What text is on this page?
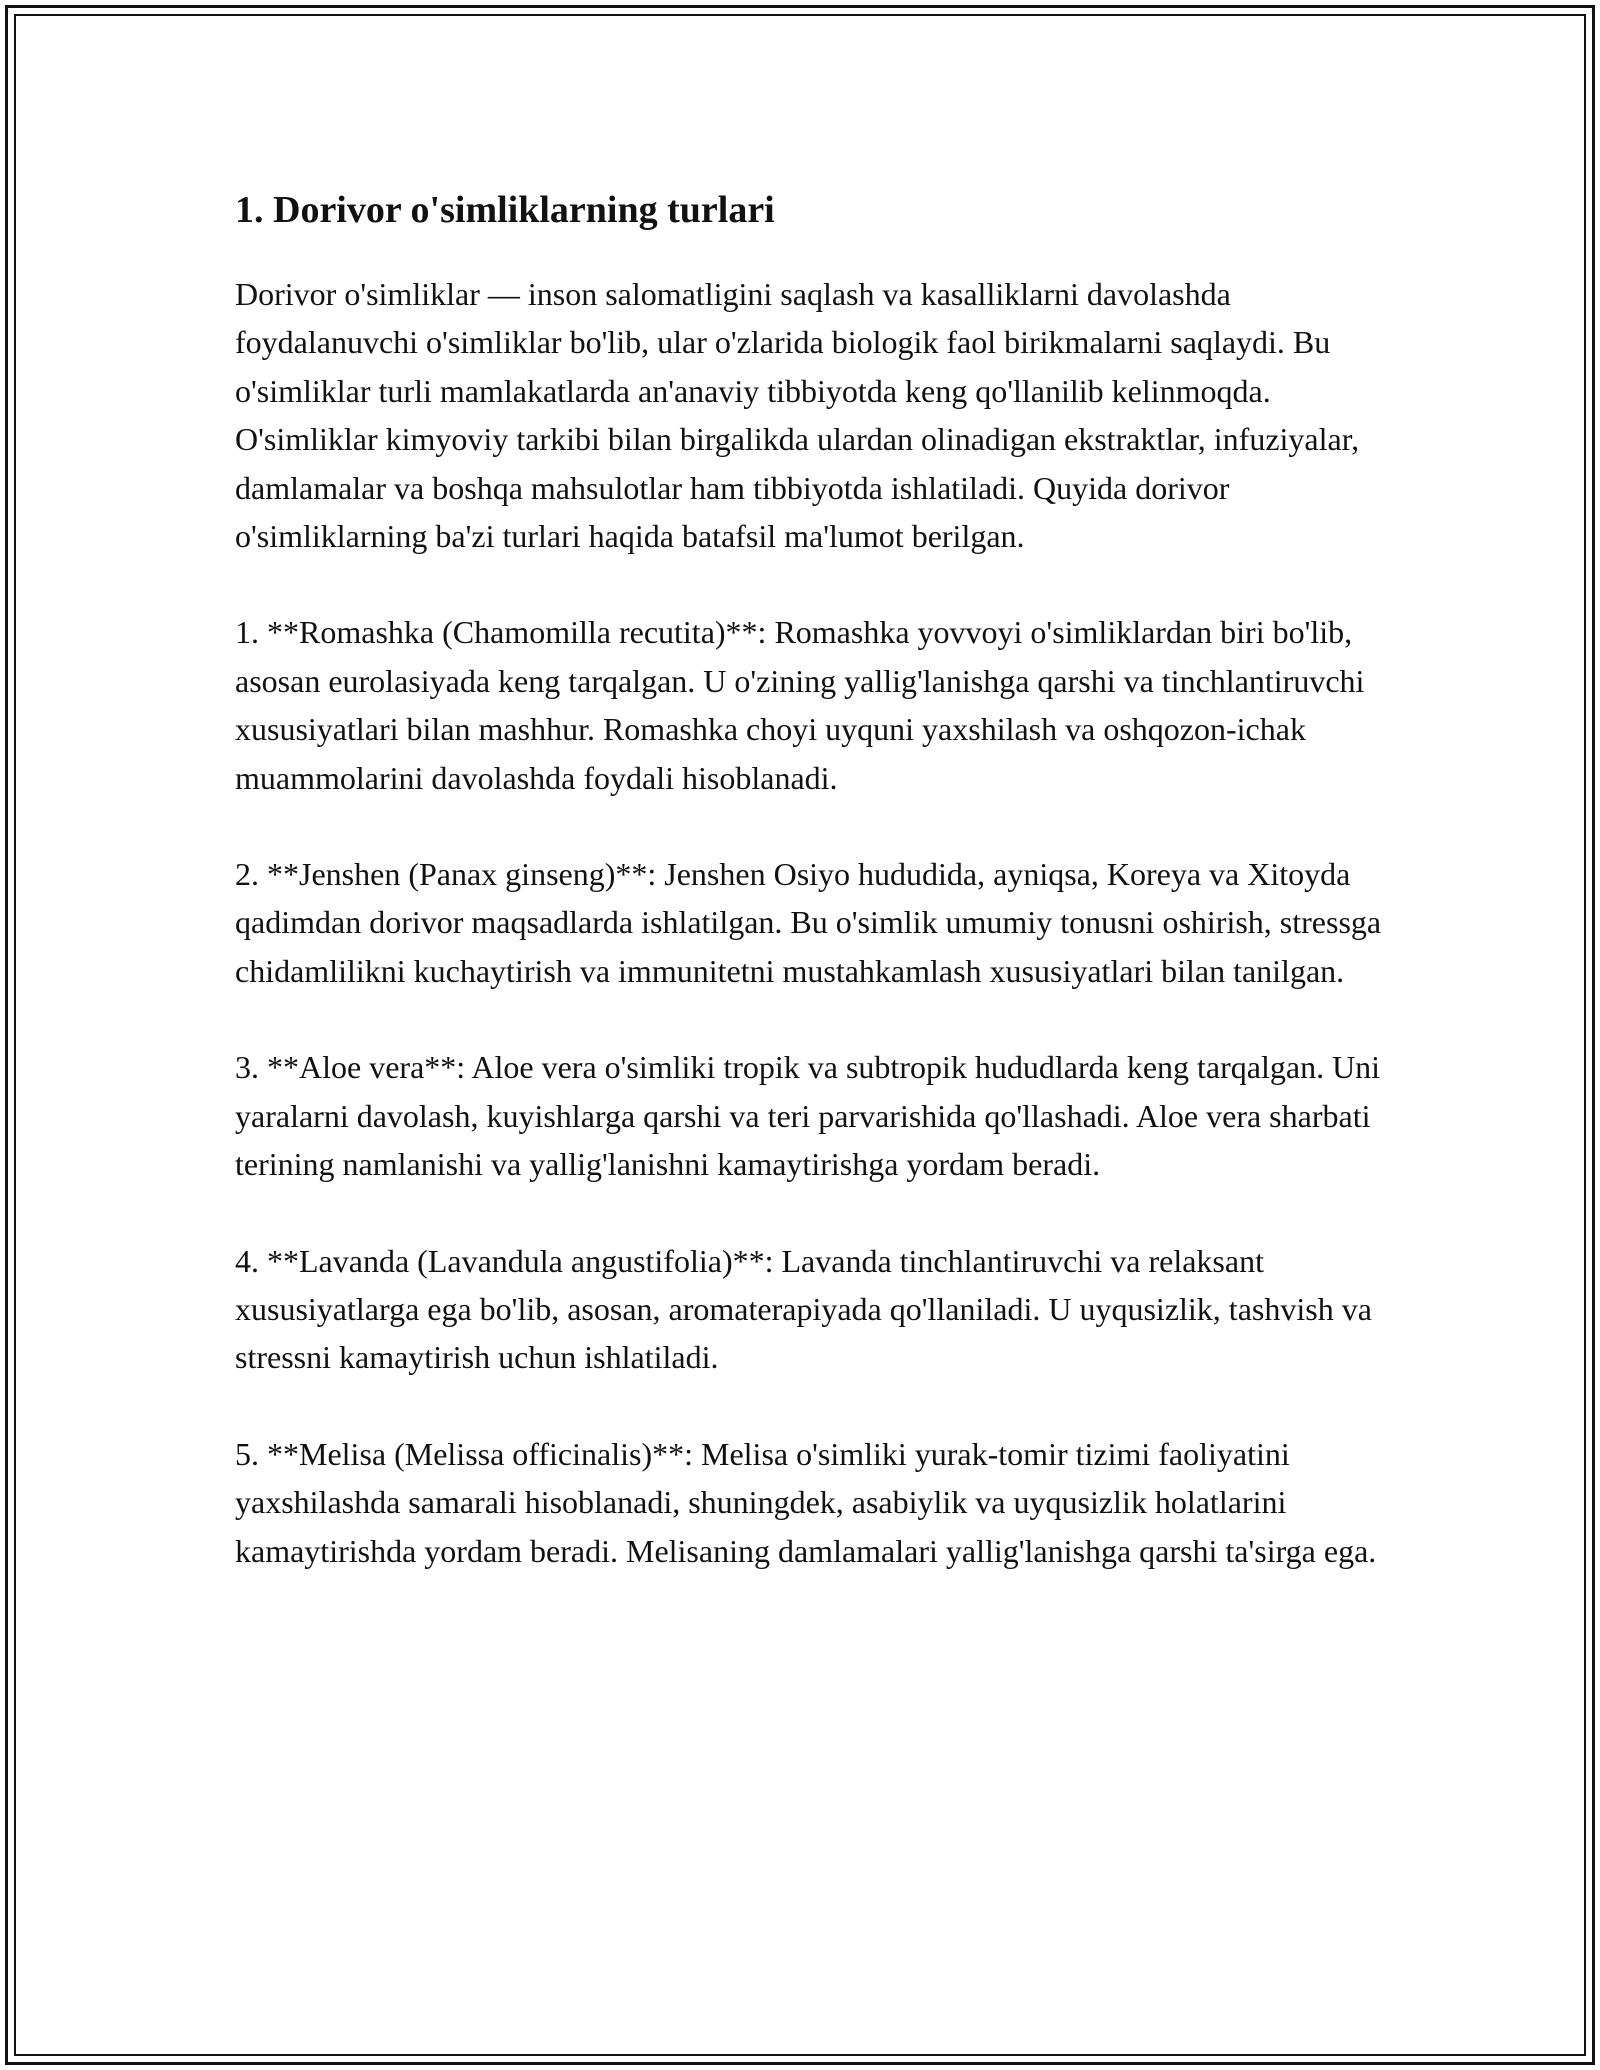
1. Dorivor o'simliklarning turlari

Dorivor o'simliklar — inson salomatligini saqlash va kasalliklarni davolashda foydalanuvchi o'simliklar bo'lib, ular o'zlarida biologik faol birikmalarni saqlaydi. Bu o'simliklar turli mamlakatlarda an'anaviy tibbiyotda keng qo'llanilib kelinmoqda. O'simliklar kimyoviy tarkibi bilan birgalikda ulardan olinadigan ekstraktlar, infuziyalar, damlamalar va boshqa mahsulotlar ham tibbiyotda ishlatiladi. Quyida dorivor o'simliklarning ba'zi turlari haqida batafsil ma'lumot berilgan.

1. **Romashka (Chamomilla recutita)**: Romashka yovvoyi o'simliklardan biri bo'lib, asosan eurolasiyada keng tarqalgan. U o'zining yallig'lanishga qarshi va tinchlantiruvchi xususiyatlari bilan mashhur. Romashka choyi uyquni yaxshilash va oshqozon-ichak muammolarini davolashda foydali hisoblanadi.

2. **Jenshen (Panax ginseng)**: Jenshen Osiyo hududida, ayniqsa, Koreya va Xitoyda qadimdan dorivor maqsadlarda ishlatilgan. Bu o'simlik umumiy tonusni oshirish, stressga chidamlilikni kuchaytirish va immunitetni mustahkamlash xususiyatlari bilan tanilgan.

3. **Aloe vera**: Aloe vera o'simliki tropik va subtropik hududlarda keng tarqalgan. Uni yaralarni davolash, kuyishlarga qarshi va teri parvarishida qo'llashadi. Aloe vera sharbati terining namlanishi va yallig'lanishni kamaytirishga yordam beradi.

4. **Lavanda (Lavandula angustifolia)**: Lavanda tinchlantiruvchi va relaksant xususiyatlarga ega bo'lib, asosan, aromaterapiyada qo'llaniladi. U uyqusizlik, tashvish va stressni kamaytirish uchun ishlatiladi.

5. **Melisa (Melissa officinalis)**: Melisa o'simliki yurak-tomir tizimi faoliyatini yaxshilashda samarali hisoblanadi, shuningdek, asabiylik va uyqusizlik holatlarini kamaytirishda yordam beradi. Melisaning damlamalari yallig'lanishga qarshi ta'sirga ega.
